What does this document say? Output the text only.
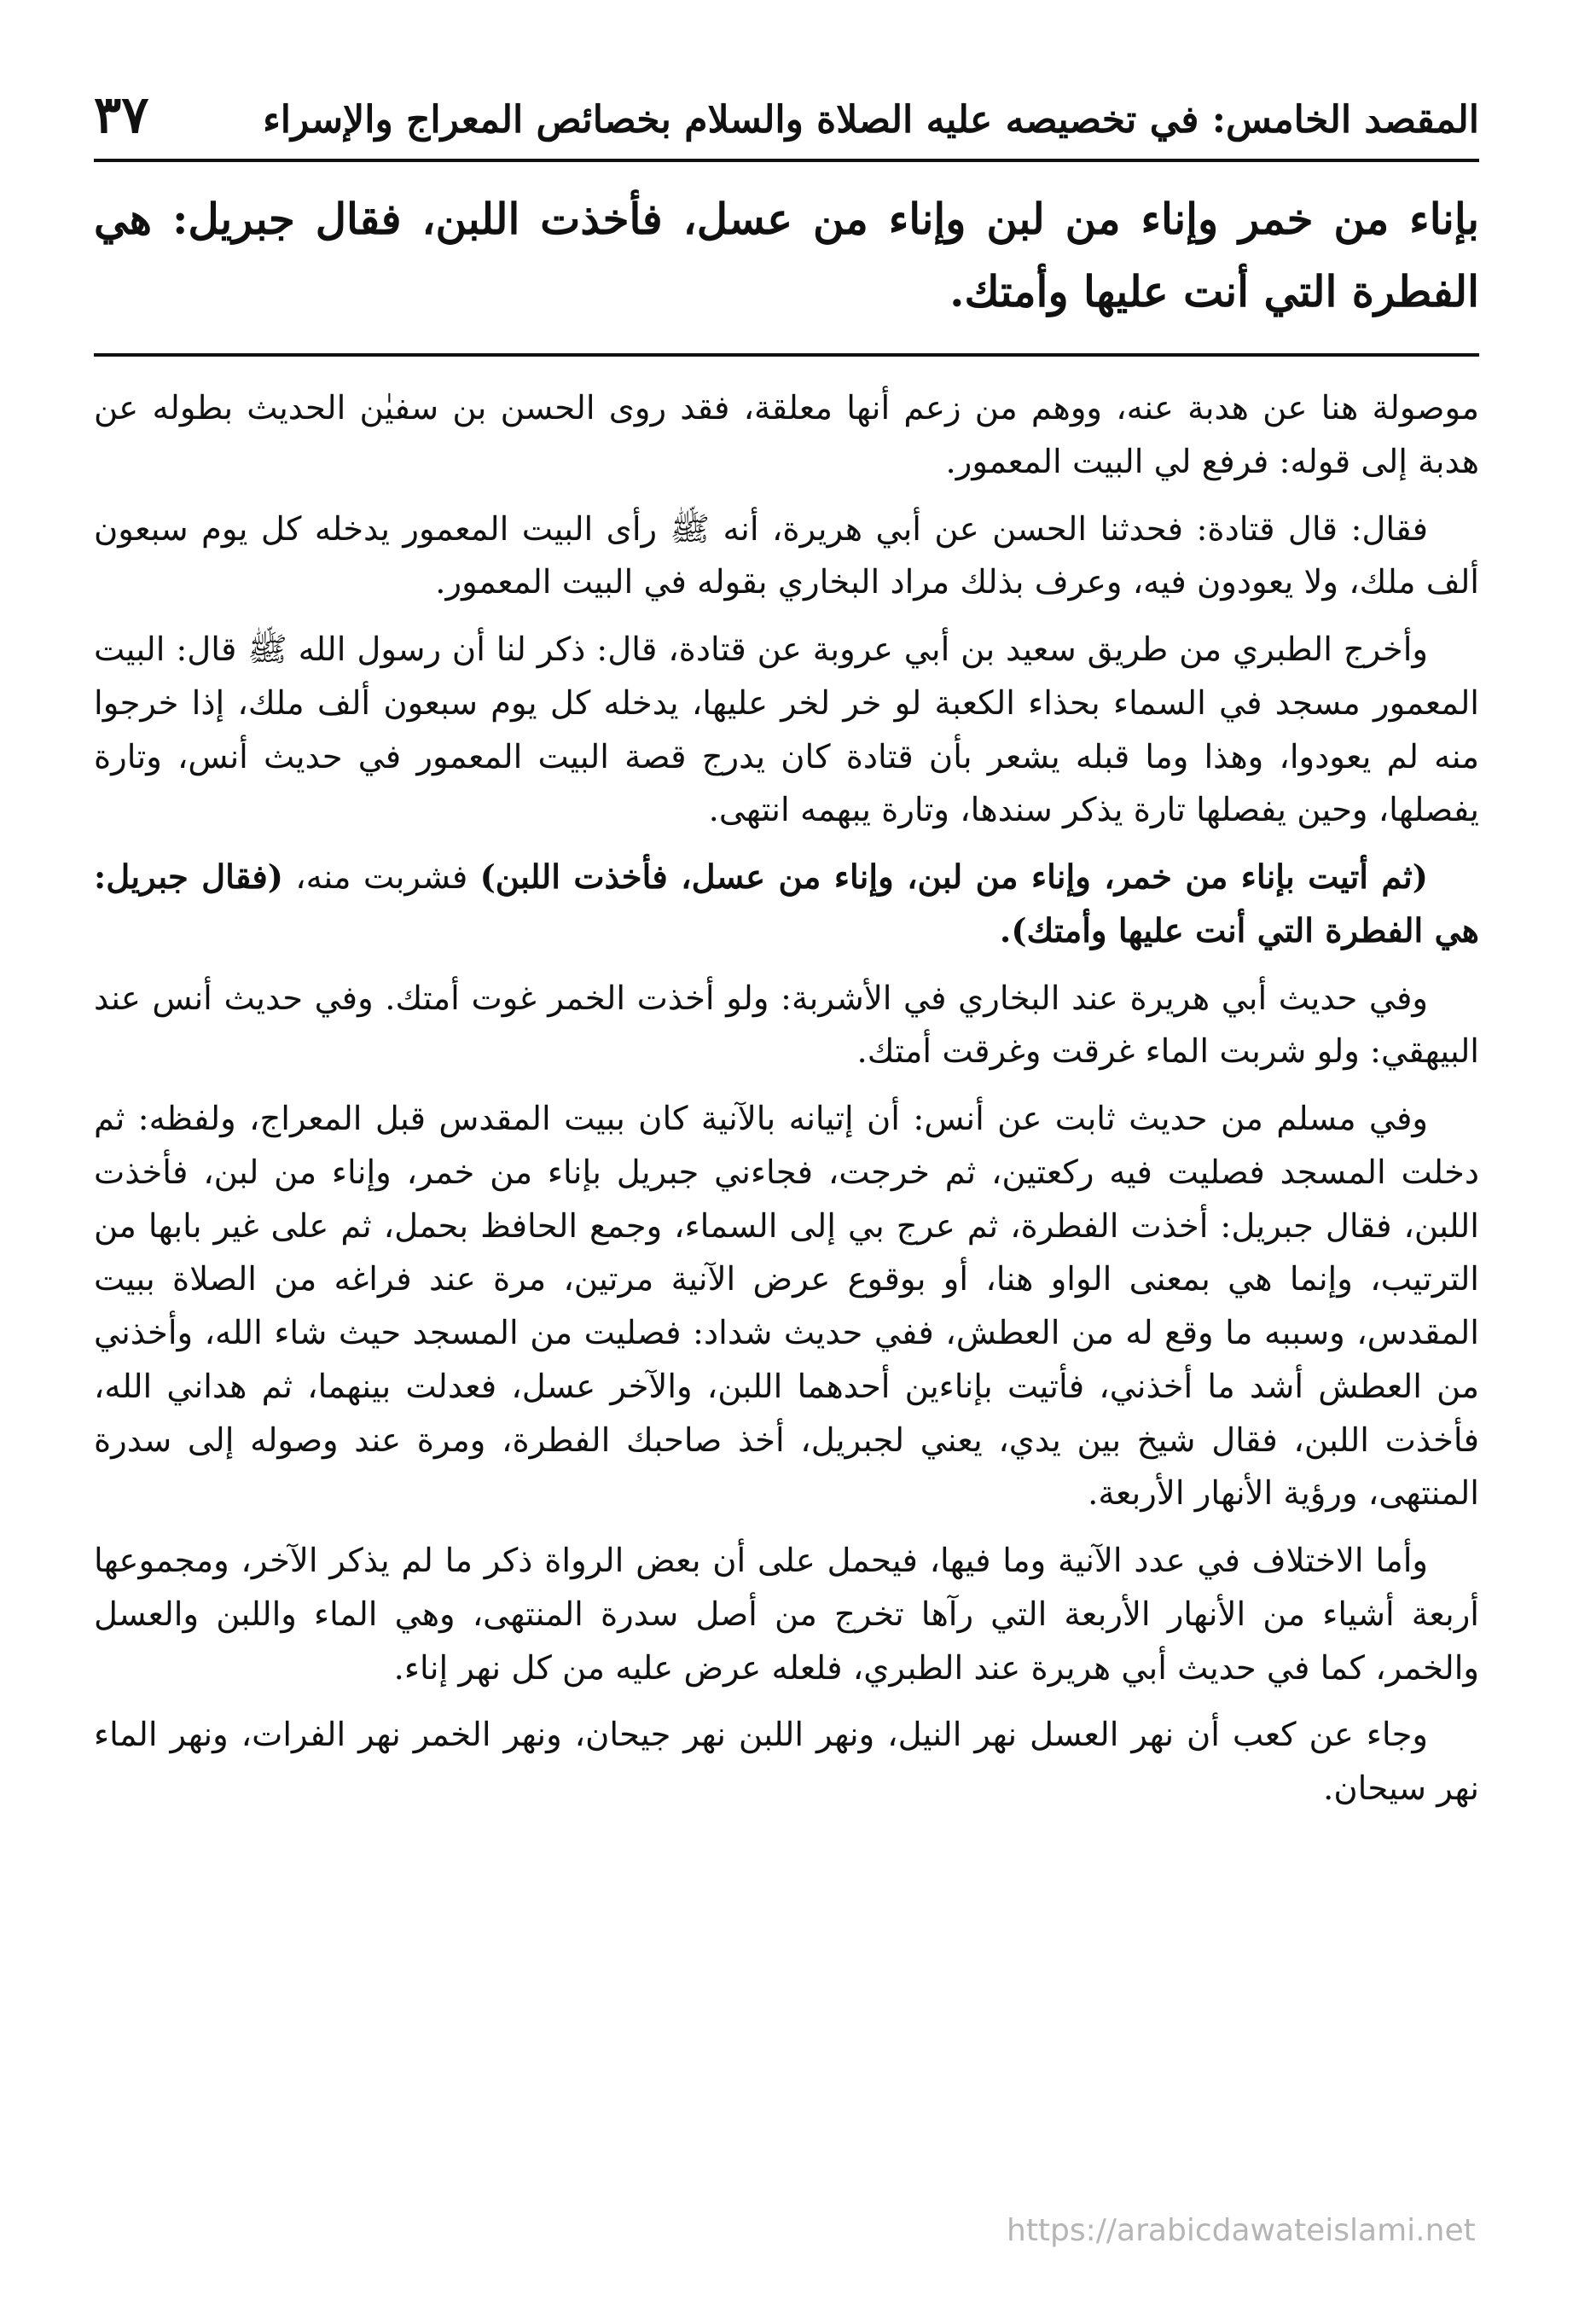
المقصد الخامس: في تخصيصه عليه الصلاة والسلام بخصائص المعراج والإسراء
٣٧
بإناء من خمر وإناء من لبن وإناء من عسل، فأخذت اللبن، فقال جبريل: هي الفطرة التي أنت عليها وأمتك.

موصولة هنا عن هدبة عنه، ووهم من زعم أنها معلقة، فقد روى الحسن بن سفيٰن الحديث بطوله عن هدبة إلى قوله: فرفع لي البيت المعمور.

فقال: قال قتادة: فحدثنا الحسن عن أبي هريرة، أنه ﷺ رأى البيت المعمور يدخله كل يوم سبعون ألف ملك، ولا يعودون فيه، وعرف بذلك مراد البخاري بقوله في البيت المعمور.

وأخرج الطبري من طريق سعيد بن أبي عروبة عن قتادة، قال: ذكر لنا أن رسول الله ﷺ قال: البيت المعمور مسجد في السماء بحذاء الكعبة لو خر لخر عليها، يدخله كل يوم سبعون ألف ملك، إذا خرجوا منه لم يعودوا، وهذا وما قبله يشعر بأن قتادة كان يدرج قصة البيت المعمور في حديث أنس، وتارة يفصلها، وحين يفصلها تارة يذكر سندها، وتارة يبهمه انتهى.

(ثم أتيت بإناء من خمر، وإناء من لبن، وإناء من عسل، فأخذت اللبن) فشربت منه، (فقال جبريل: هي الفطرة التي أنت عليها وأمتك).

وفي حديث أبي هريرة عند البخاري في الأشربة: ولو أخذت الخمر غوت أمتك. وفي حديث أنس عند البيهقي: ولو شربت الماء غرقت وغرقت أمتك.

وفي مسلم من حديث ثابت عن أنس: أن إتيانه بالآنية كان ببيت المقدس قبل المعراج، ولفظه: ثم دخلت المسجد فصليت فيه ركعتين، ثم خرجت، فجاءني جبريل بإناء من خمر، وإناء من لبن، فأخذت اللبن، فقال جبريل: أخذت الفطرة، ثم عرج بي إلى السماء، وجمع الحافظ بحمل، ثم على غير بابها من الترتيب، وإنما هي بمعنى الواو هنا، أو بوقوع عرض الآنية مرتين، مرة عند فراغه من الصلاة ببيت المقدس، وسببه ما وقع له من العطش، ففي حديث شداد: فصليت من المسجد حيث شاء الله، وأخذني من العطش أشد ما أخذني، فأتيت بإناءين أحدهما اللبن، والآخر عسل، فعدلت بينهما، ثم هداني الله، فأخذت اللبن، فقال شيخ بين يدي، يعني لجبريل، أخذ صاحبك الفطرة، ومرة عند وصوله إلى سدرة المنتهى، ورؤية الأنهار الأربعة.

وأما الاختلاف في عدد الآنية وما فيها، فيحمل على أن بعض الرواة ذكر ما لم يذكر الآخر، ومجموعها أربعة أشياء من الأنهار الأربعة التي رآها تخرج من أصل سدرة المنتهى، وهي الماء واللبن والعسل والخمر، كما في حديث أبي هريرة عند الطبري، فلعله عرض عليه من كل نهر إناء.

وجاء عن كعب أن نهر العسل نهر النيل، ونهر اللبن نهر جيحان، ونهر الخمر نهر الفرات، ونهر الماء نهر سيحان.

https://arabicdawateislami.net
